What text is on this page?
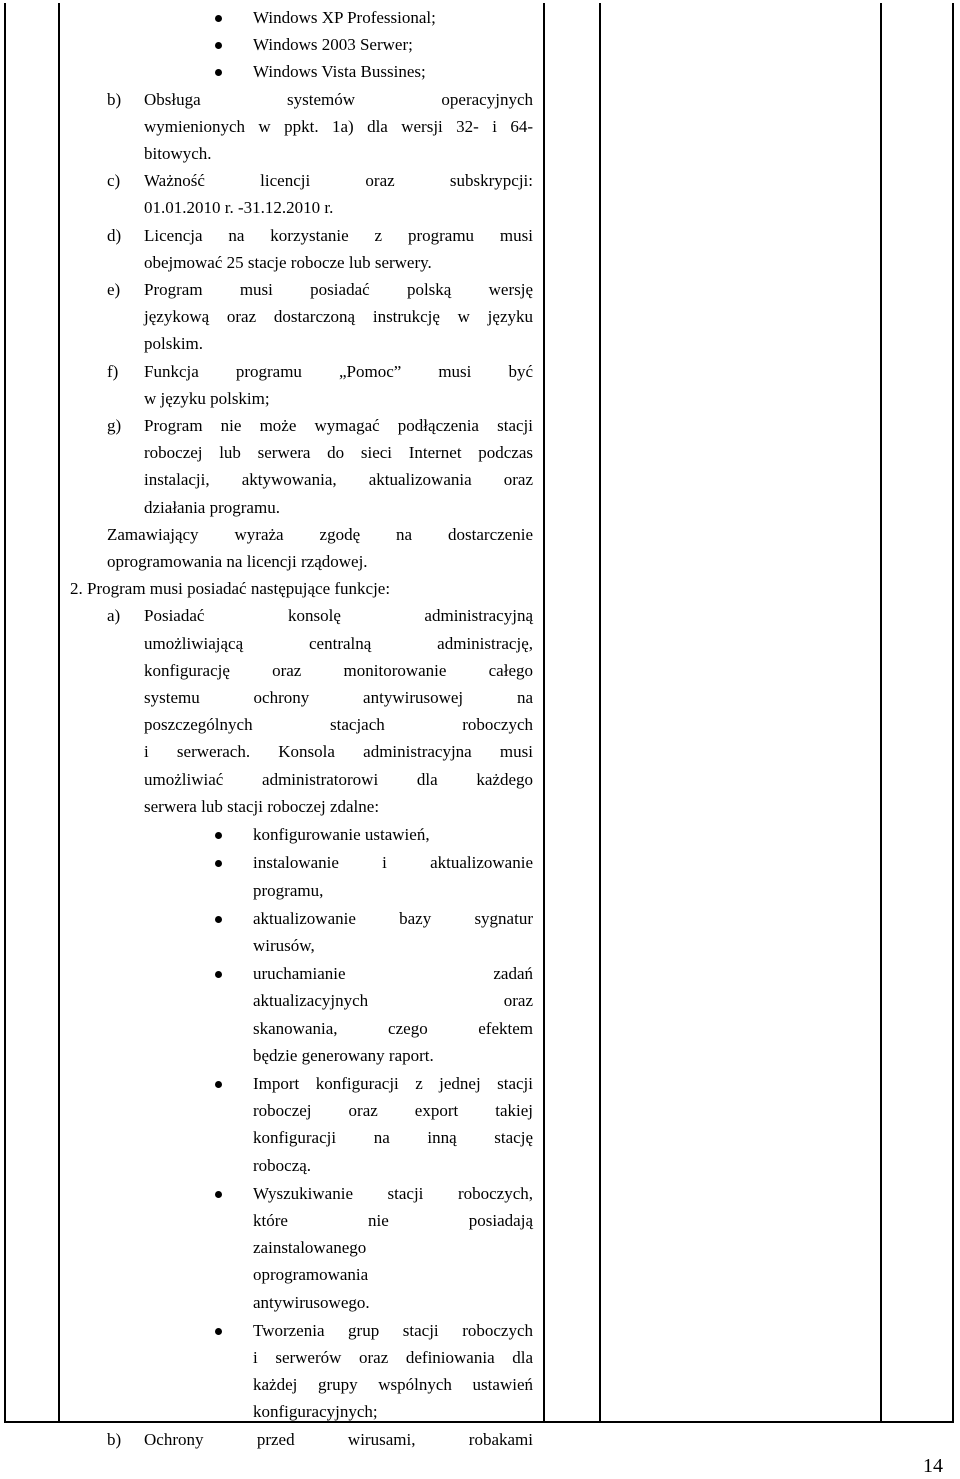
Windows XP Professional;
Windows 2003 Serwer;
Windows Vista Bussines;
b) Obsługa systemów operacyjnych
wymienionych w ppkt. 1a) dla wersji 32- i 64-
bitowych.
c) Ważność licencji oraz subskrypcji:
01.01.2010 r. -31.12.2010 r.
d) Licencja na korzystanie z programu musi
obejmować 25 stacje robocze lub serwery.
e) Program musi posiadać polską wersję
językową oraz dostarczoną instrukcję w języku
polskim.
f) Funkcja programu „Pomoc” musi być
w języku polskim;
g) Program nie może wymagać podłączenia stacji
roboczej lub serwera do sieci Internet podczas
instalacji, aktywowania, aktualizowania oraz
działania programu.
Zamawiający wyraża zgodę na dostarczenie
oprogramowania na licencji rządowej.
2. Program musi posiadać następujące funkcje:
a) Posiadać konsolę administracyjną
umożliwiającą centralną administrację,
konfigurację oraz monitorowanie całego
systemu ochrony antywirusowej na
poszczególnych stacjach roboczych
i serwerach. Konsola administracyjna musi
umożliwiać administratorowi dla każdego
serwera lub stacji roboczej zdalne:
konfigurowanie ustawień,
instalowanie i aktualizowanie
programu,
aktualizowanie bazy sygnatur
wirusów,
uruchamianie zadań
aktualizacyjnych oraz
skanowania, czego efektem
będzie generowany raport.
Import konfiguracji z jednej stacji
roboczej oraz export takiej
konfiguracji na inną stację
roboczą.
Wyszukiwanie stacji roboczych,
które nie posiadają
zainstalowanego
oprogramowania
antywirusowego.
Tworzenia grup stacji roboczych
i serwerów oraz definiowania dla
każdej grupy wspólnych ustawień
konfiguracyjnych;
b) Ochrony przed wirusami, robakami
14
